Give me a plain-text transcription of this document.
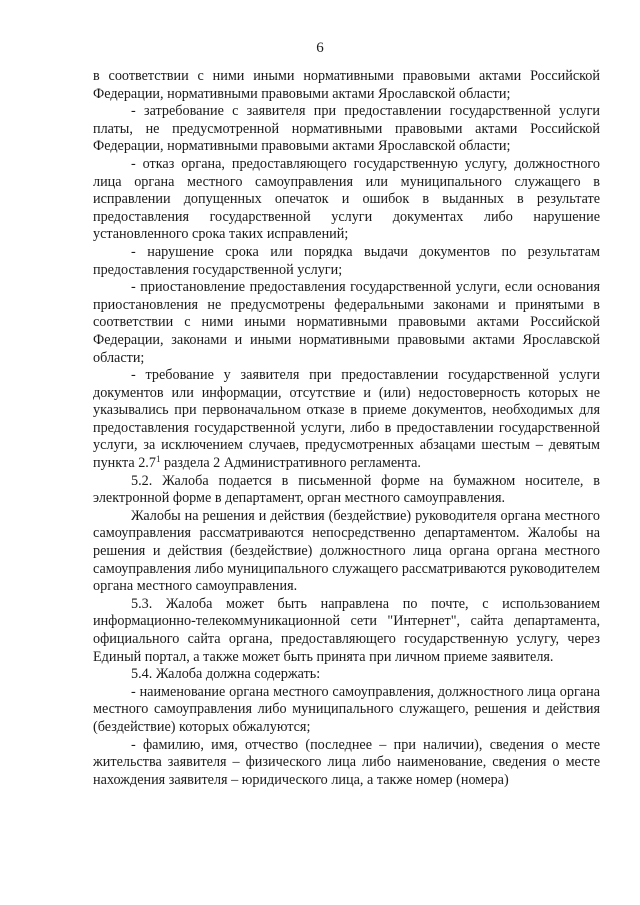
6

в соответствии с ними иными нормативными правовыми актами Российской Федерации, нормативными правовыми актами Ярославской области;

- затребование с заявителя при предоставлении государственной услуги платы, не предусмотренной нормативными правовыми актами Российской Федерации, нормативными правовыми актами Ярославской области;

- отказ органа, предоставляющего государственную услугу, должностного лица органа местного самоуправления или муниципального служащего в исправлении допущенных опечаток и ошибок в выданных в результате предоставления государственной услуги документах либо нарушение установленного срока таких исправлений;

- нарушение срока или порядка выдачи документов по результатам предоставления государственной услуги;

- приостановление предоставления государственной услуги, если основания приостановления не предусмотрены федеральными законами и принятыми в соответствии с ними иными нормативными правовыми актами Российской Федерации, законами и иными нормативными правовыми актами Ярославской области;

- требование у заявителя при предоставлении государственной услуги документов или информации, отсутствие и (или) недостоверность которых не указывались при первоначальном отказе в приеме документов, необходимых для предоставления государственной услуги, либо в предоставлении государственной услуги, за исключением случаев, предусмотренных абзацами шестым – девятым пункта $2.7^1$ раздела 2 Административного регламента.

5.2. Жалоба подается в письменной форме на бумажном носителе, в электронной форме в департамент, орган местного самоуправления.

Жалобы на решения и действия (бездействие) руководителя органа местного самоуправления рассматриваются непосредственно департаментом. Жалобы на решения и действия (бездействие) должностного лица органа органа местного самоуправления либо муниципального служащего рассматриваются руководителем органа местного самоуправления.

5.3. Жалоба может быть направлена по почте, с использованием информационно-телекоммуникационной сети "Интернет", сайта департамента, официального сайта органа, предоставляющего государственную услугу, через Единый портал, а также может быть принята при личном приеме заявителя.

5.4. Жалоба должна содержать:

- наименование органа местного самоуправления, должностного лица органа местного самоуправления либо муниципального служащего, решения и действия (бездействие) которых обжалуются;

- фамилию, имя, отчество (последнее – при наличии), сведения о месте жительства заявителя – физического лица либо наименование, сведения о месте нахождения заявителя – юридического лица, а также номер (номера)
